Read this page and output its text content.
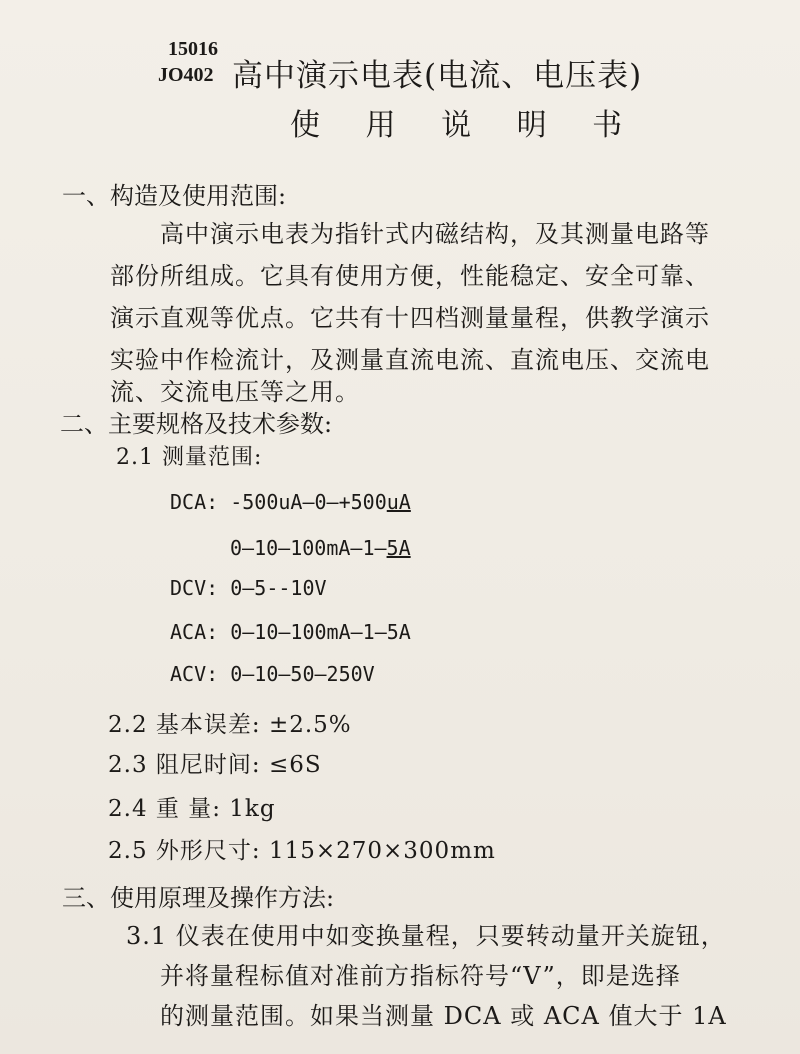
15016
JO402 高中演示电表(电流、电压表)
使 用 说 明 书
一、构造及使用范围:
高中演示电表为指针式内磁结构，及其测量电路等
部份所组成。它具有使用方便，性能稳定、安全可靠、
演示直观等优点。它共有十四档测量量程，供教学演示
实验中作检流计，及测量直流电流、直流电压、交流电
流、交流电压等之用。
二、主要规格及技术参数:
2.1 测量范围:
DCA: -500uA—0—+500uA
0—10—100mA—1—5A
DCV: 0—5--10V
ACA: 0—10—100mA—1—5A
ACV: 0—10—50—250V
2.2 基本误差: ±2.5%
2.3 阻尼时间: ≤6S
2.4 重 量: 1kg
2.5 外形尺寸: 115×270×300mm
三、使用原理及操作方法:
3.1 仪表在使用中如变换量程，只要转动量开关旋钮，
并将量程标值对准前方指标符号“V”，即是选择
的测量范围。如果当测量 DCA 或 ACA 值大于 1A
